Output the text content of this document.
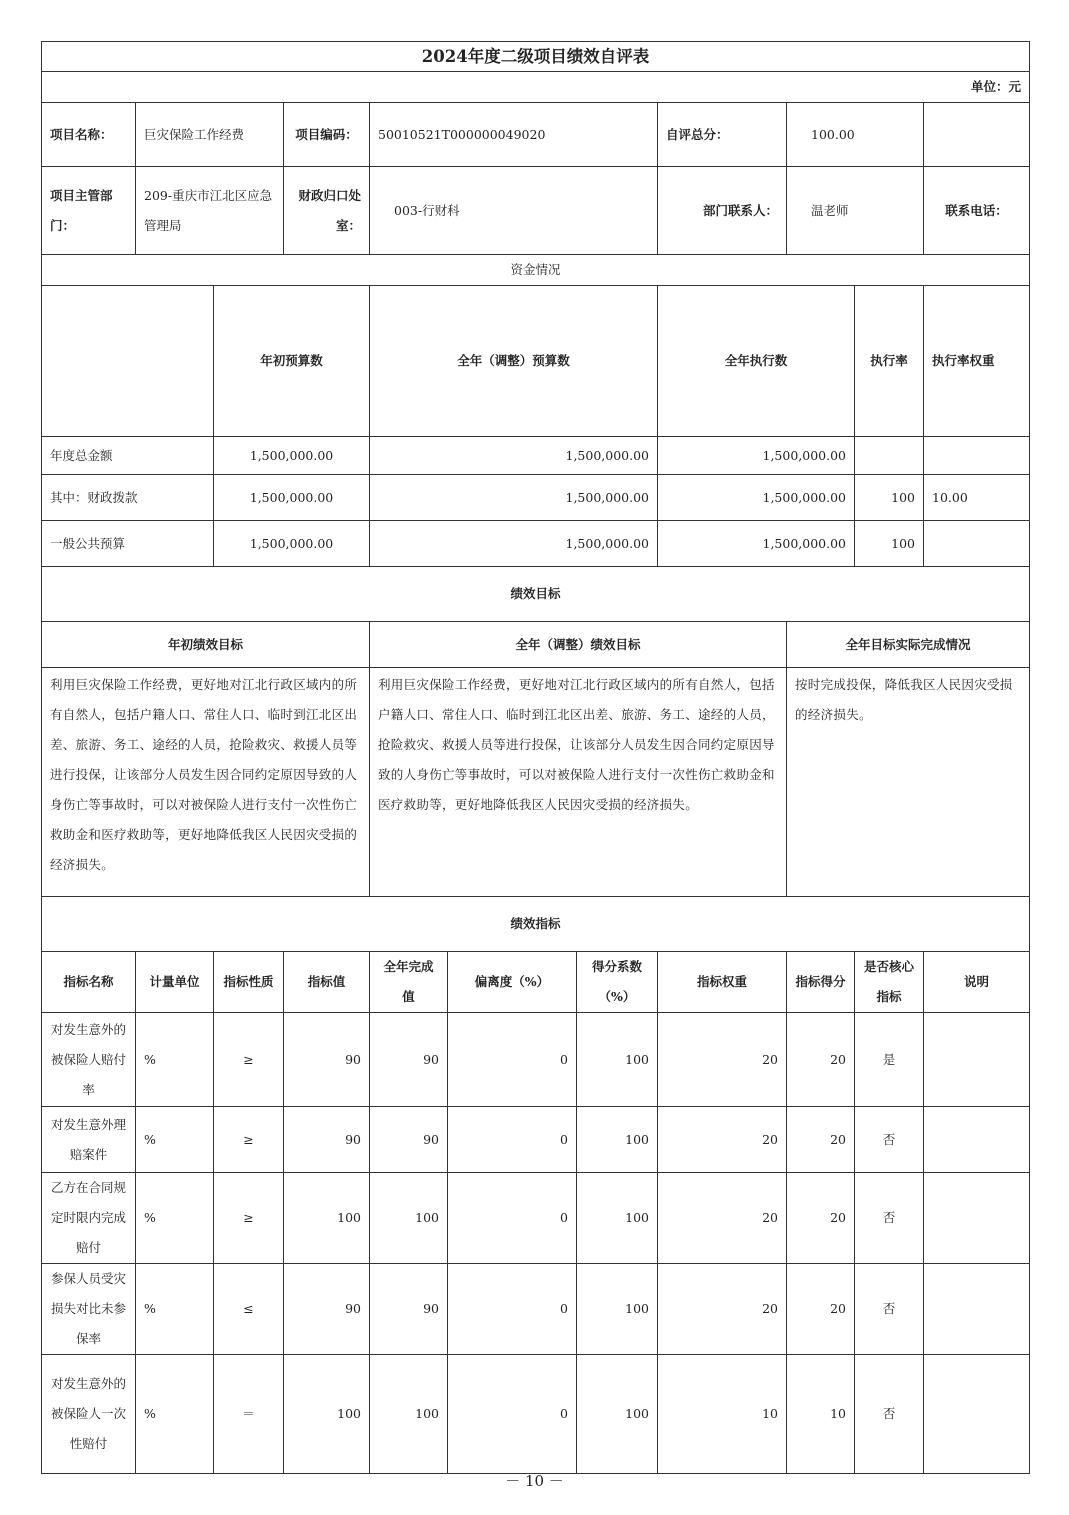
2024年度二级项目绩效自评表											
单位：元											
项目名称：	巨灾保险工作经费		项目编码：	50010521T000000049020			自评总分：	100.00			
项目主管部门：	209-重庆市江北区应急管理局		财政归口处室：	003-行财科			部门联系人：	温老师		联系电话：	
资金情况											
		年初预算数		全年（调整）预算数			全年执行数		执行率	执行率权重	
年度总金额		1,500,000.00		1,500,000.00			1,500,000.00				
其中：财政拨款		1,500,000.00		1,500,000.00			1,500,000.00		100	10.00	
一般公共预算		1,500,000.00		1,500,000.00			1,500,000.00		100		
绩效目标											
年初绩效目标				全年（调整）绩效目标				全年目标实际完成情况			
利用巨灾保险工作经费，更好地对江北行政区域内的所有自然人，包括户籍人口、常住人口、临时到江北区出差、旅游、务工、途经的人员，抢险救灾、救援人员等进行投保，让该部分人员发生因合同约定原因导致的人身伤亡等事故时，可以对被保险人进行支付一次性伤亡救助金和医疗救助等，更好地降低我区人民因灾受损的经济损失。				利用巨灾保险工作经费，更好地对江北行政区域内的所有自然人，包括户籍人口、常住人口、临时到江北区出差、旅游、务工、途经的人员，抢险救灾、救援人员等进行投保，让该部分人员发生因合同约定原因导致的人身伤亡等事故时，可以对被保险人进行支付一次性伤亡救助金和医疗救助等，更好地降低我区人民因灾受损的经济损失。				按时完成投保，降低我区人民因灾受损的经济损失。			
绩效指标											
指标名称	计量单位	指标性质	指标值	全年完成值	偏离度（%）	得分系数（%）	指标权重	指标得分	是否核心指标	说明	
对发生意外的被保险人赔付率	%	≥	90	90	0	100	20	20	是		
对发生意外理赔案件	%	≥	90	90	0	100	20	20	否		
乙方在合同规定时限内完成赔付	%	≥	100	100	0	100	20	20	否		
参保人员受灾损失对比未参保率	%	≤	90	90	0	100	20	20	否		
对发生意外的被保险人一次性赔付	%	＝	100	100	0	100	10	10	否		
－ 10 －
